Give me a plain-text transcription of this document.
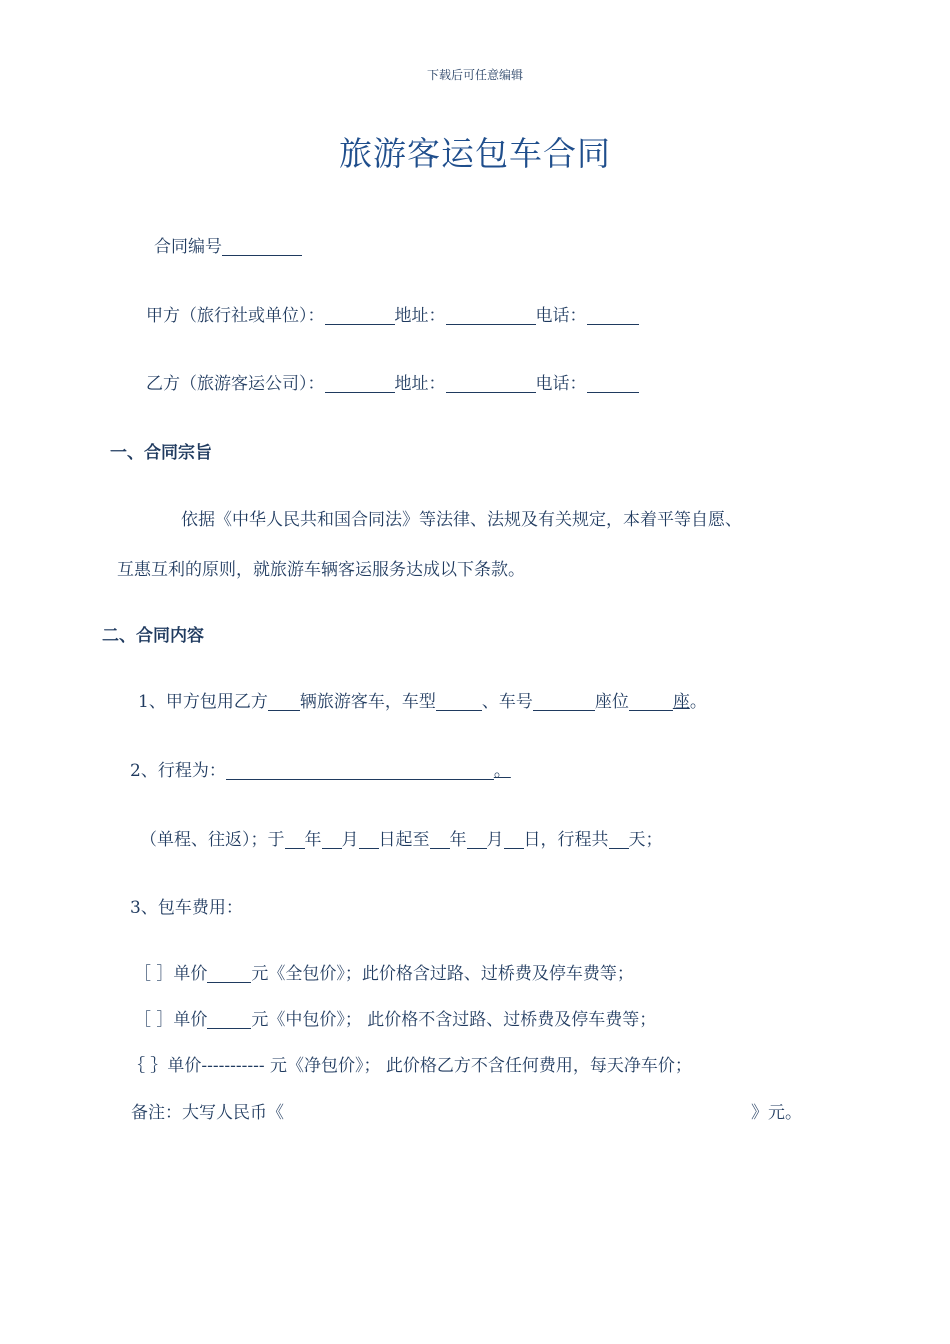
下载后可任意编辑
旅游客运包车合同
合同编号
甲方（旅行社或单位）：	地址：	电话：
乙方（旅游客运公司）：	地址：	电话：
一、合同宗旨
依据《中华人民共和国合同法》等法律、法规及有关规定，本着平等自愿、
互惠互利的原则，就旅游车辆客运服务达成以下条款。
二、合同内容
1、甲方包用乙方 辆旅游客车，车型	、车号	座位	座。
2、行程为：	。
（单程、往返）；于 年 月 日起至 年 月 日，行程共 天；
3、包车费用：
［ ］单价	元《全包价》；此价格含过路、过桥费及停车费等；
［ ］单价	元《中包价》； 此价格不含过路、过桥费及停车费等；
｛ ｝单价----------- 元《净包价》； 此价格乙方不含任何费用，每天净车价；
备注：大写人民币《	》元。
